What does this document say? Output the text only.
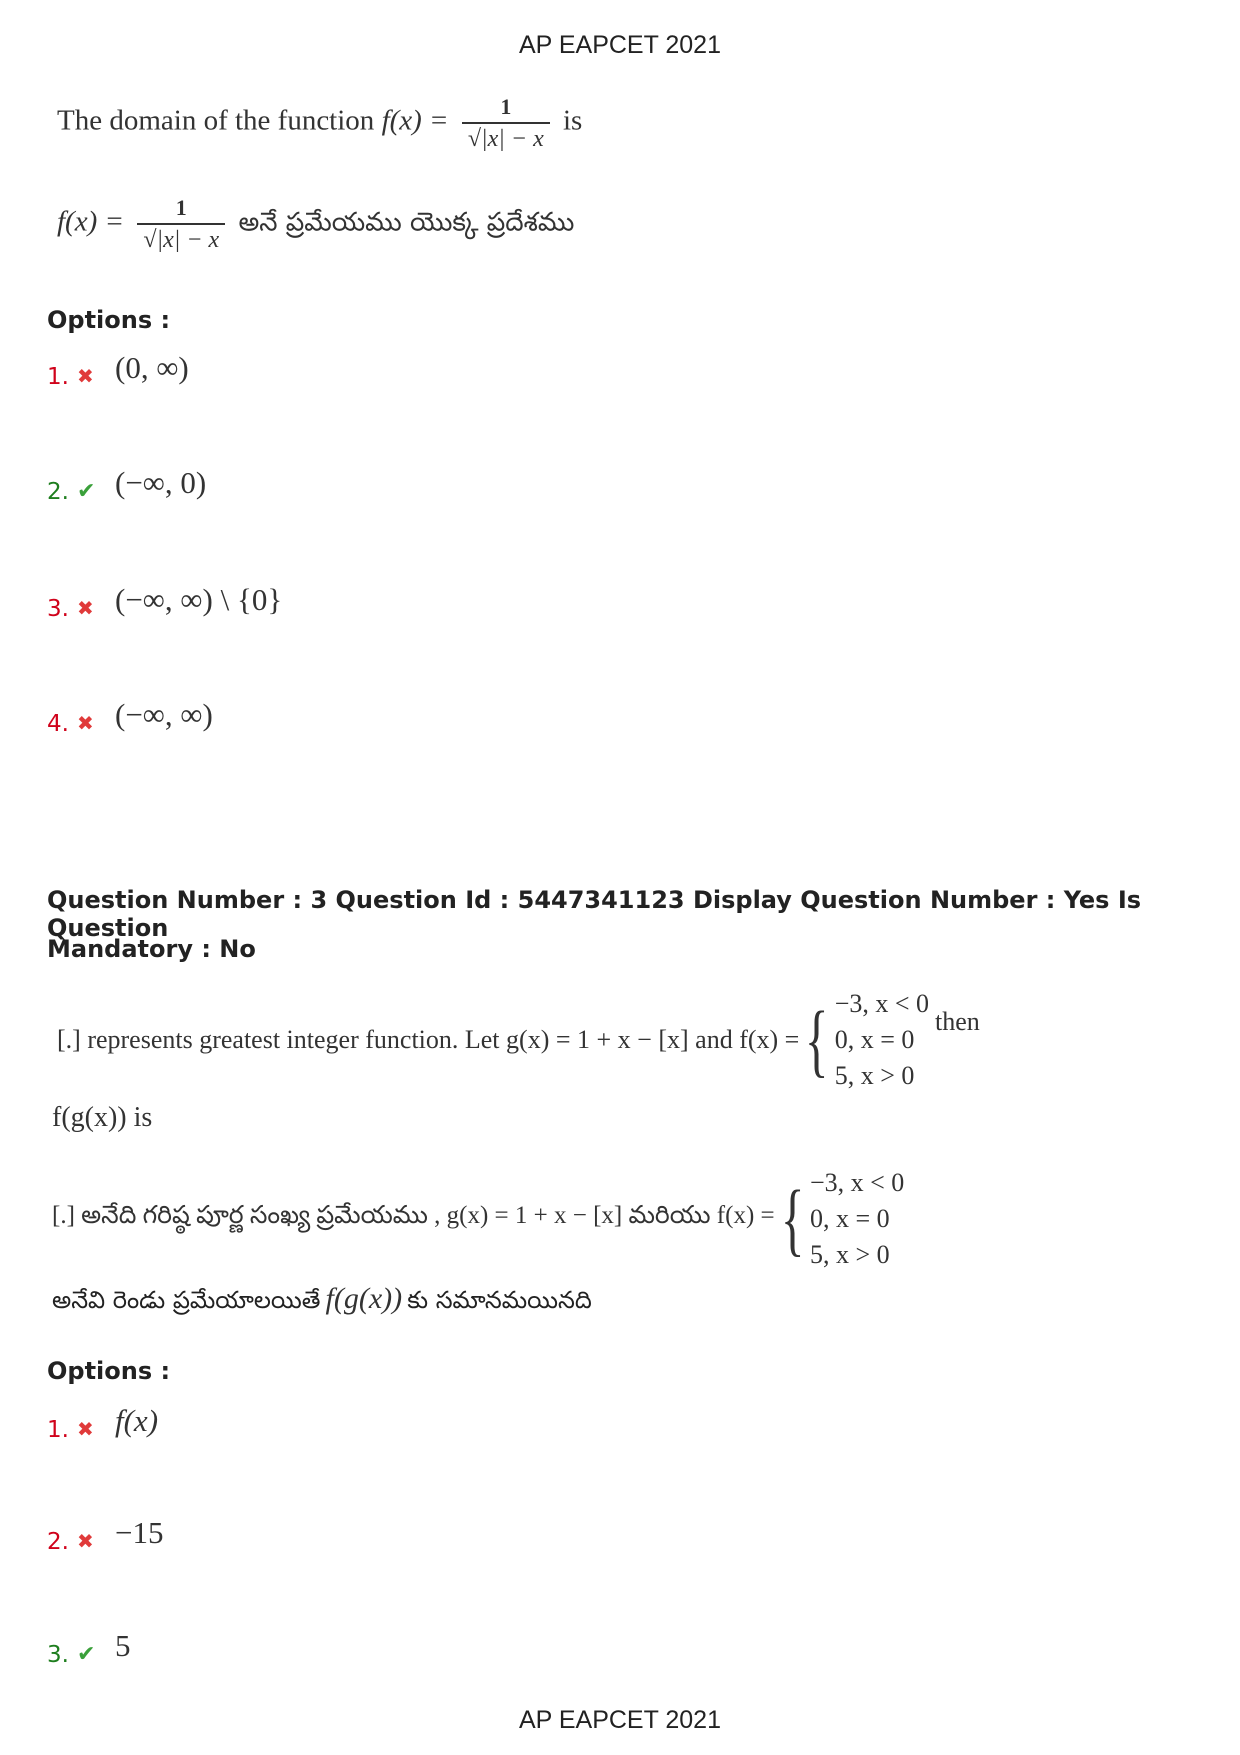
AP EAPCET 2021
The domain of the function $f(x) = \frac{1}{√|x| - x}$ is
$f(x) = \frac{1}{√|x| - x}$ అనే ప్రమేయము యొక్క ప్రదేశము
Options :
1. ✖ (0, ∞)
2. ✔ (−∞, 0)
3. ✖ (−∞, ∞) \ {0}
4. ✖ (−∞, ∞)
Question Number : 3 Question Id : 5447341123 Display Question Number : Yes Is Question
Mandatory : No
[.] represents greatest integer function. Let g(x) = 1 + x − [x] and f(x) = { −3, x < 0
0, x = 0
5, x > 0
then
f(g(x)) is
[.] అనేది గరిష్ఠ పూర్ణ సంఖ్య ప్రమేయము , g(x) = 1 + x − [x] మరియు f(x) = { −3, x < 0
0, x = 0
5, x > 0
అనేవి రెండు ప్రమేయాలయితే f(g(x)) కు సమానమయినది
Options :
1. ✖ f(x)
2. ✖ −15
3. ✔ 5
AP EAPCET 2021
